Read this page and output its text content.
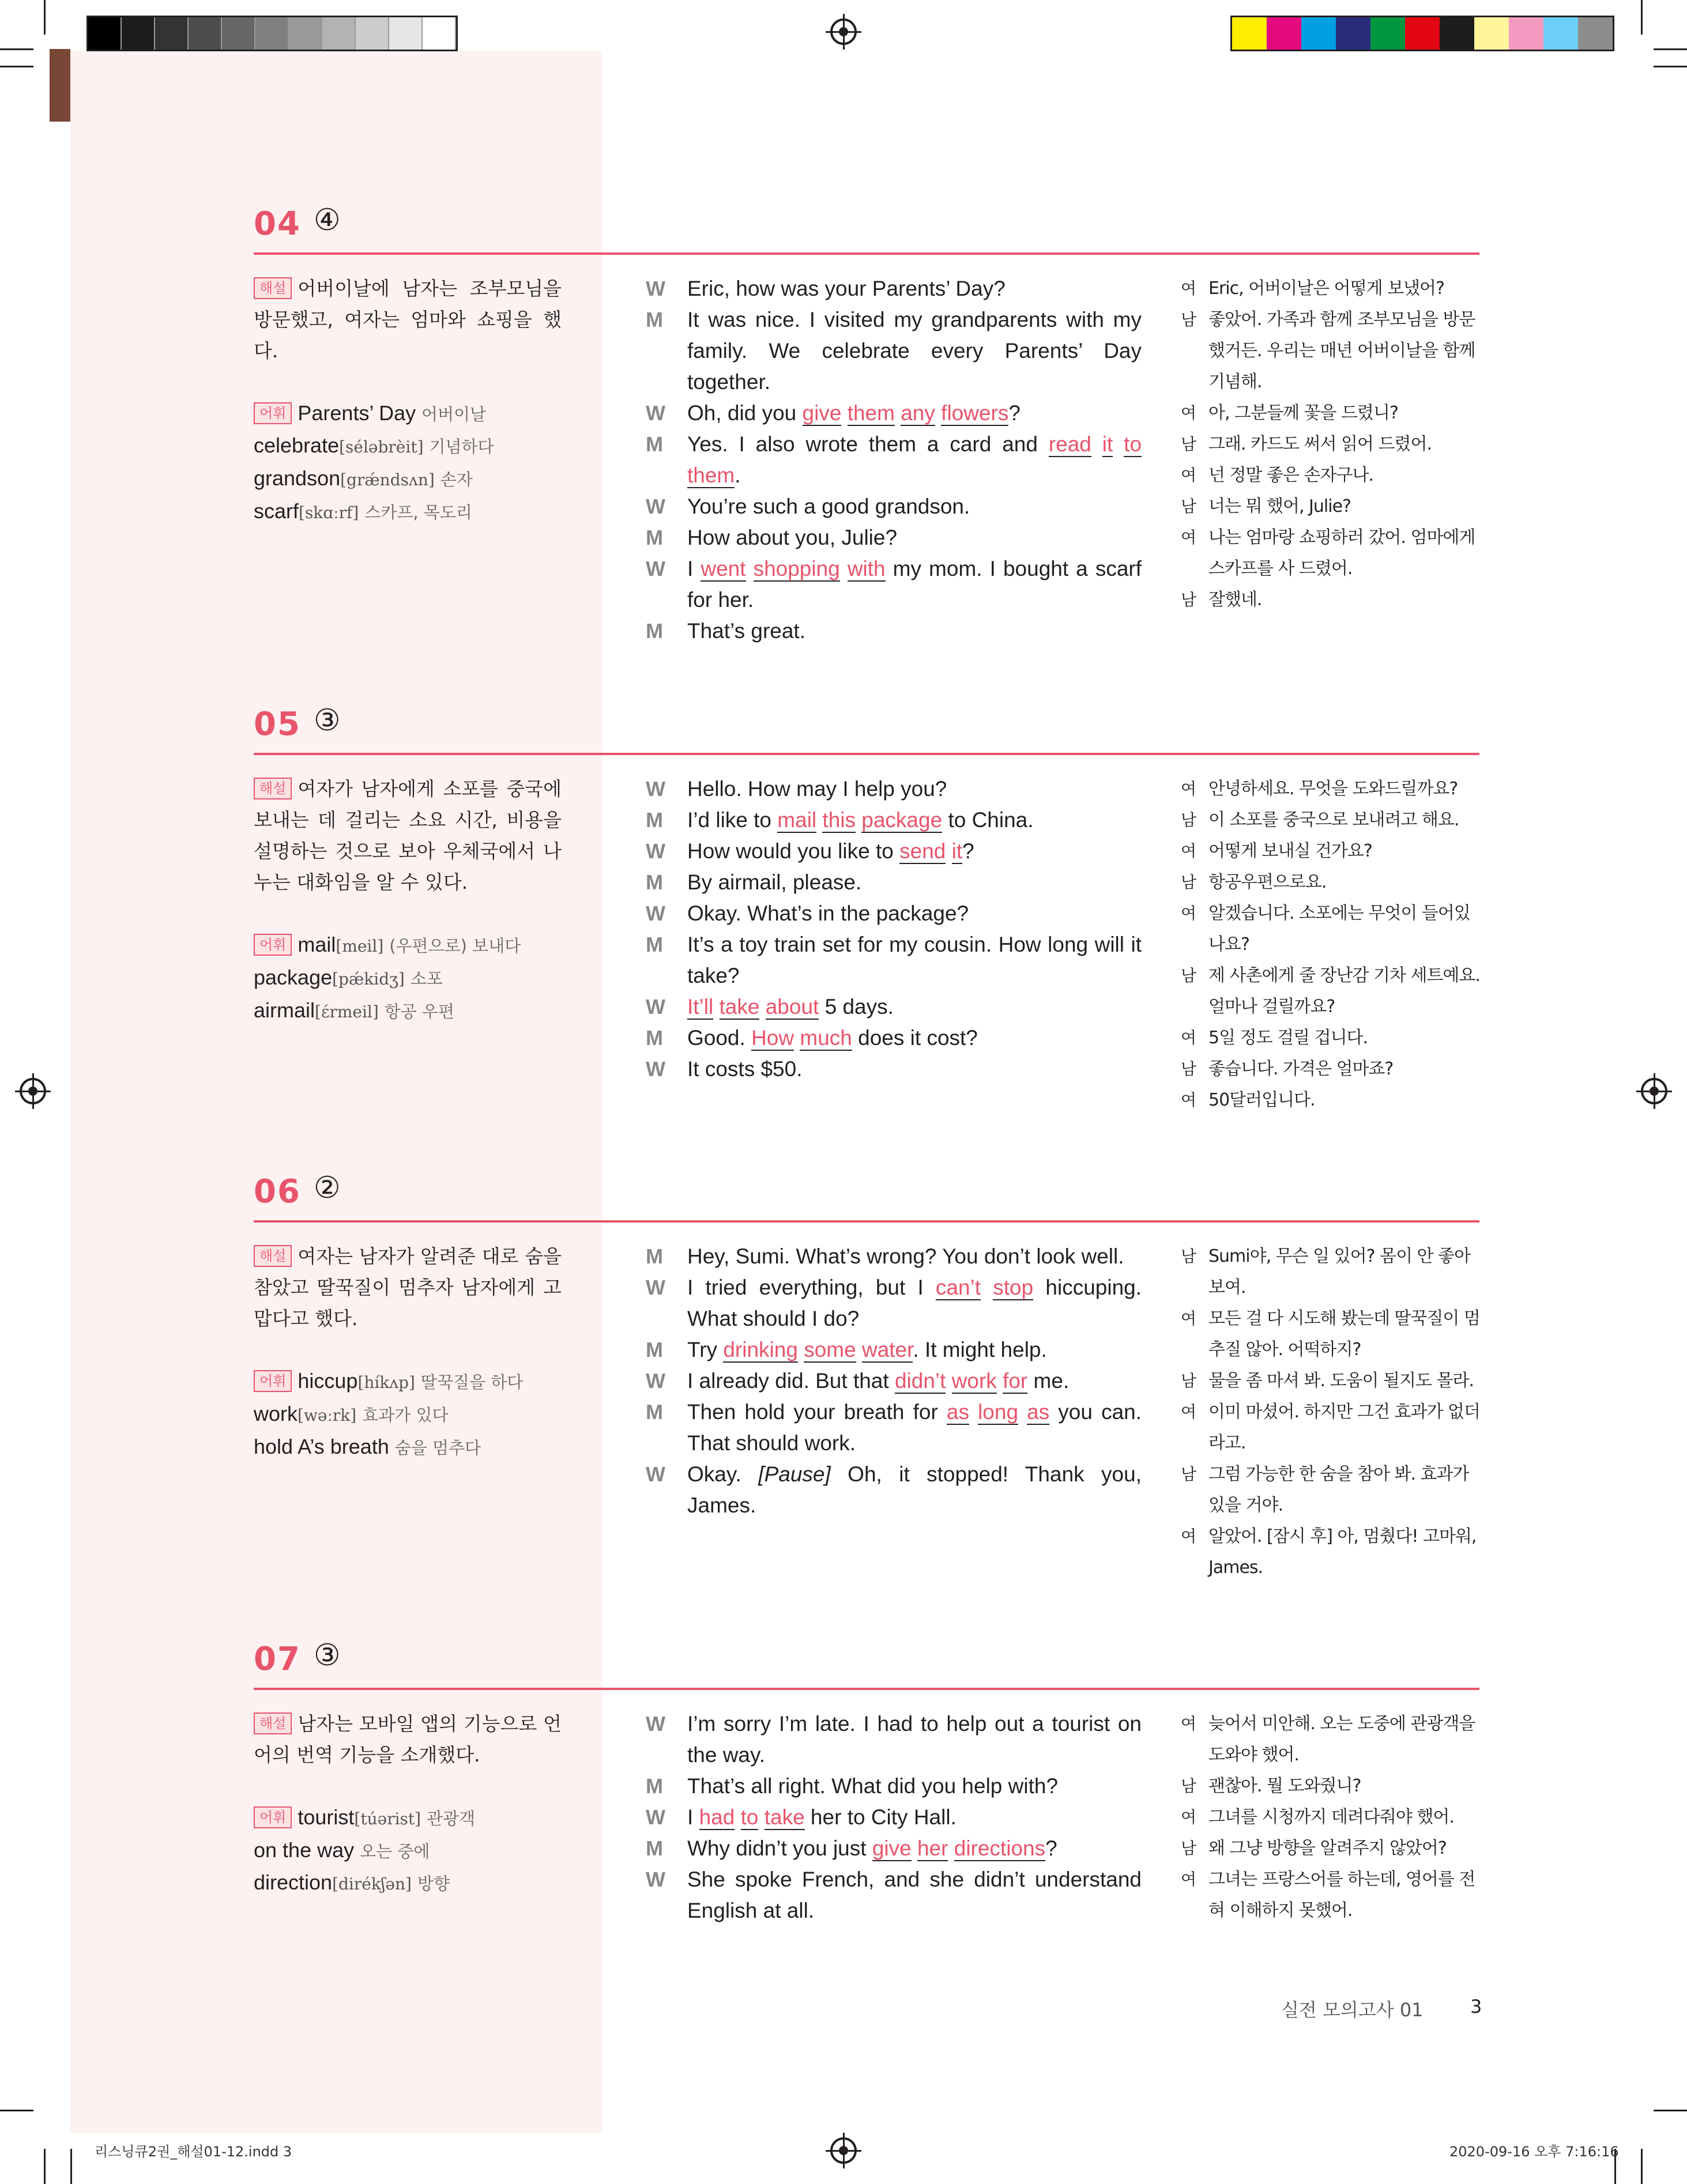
04 ④
해설 어버이날에 남자는 조부모님을 방문했고, 여자는 엄마와 쇼핑을 했다.
어휘 Parents’ Day 어버이날
celebrate[séləbrèit] 기념하다
grandson[grǽndsʌn] 손자
scarf[skɑːrf] 스카프, 목도리
W Eric, how was your Parents’ Day?
M It was nice. I visited my grandparents with my family. We celebrate every Parents’ Day together.
W Oh, did you give them any flowers?
M Yes. I also wrote them a card and read it to them.
W You’re such a good grandson.
M How about you, Julie?
W I went shopping with my mom. I bought a scarf for her.
M That’s great.
여 Eric, 어버이날은 어떻게 보냈어?
남 좋았어. 가족과 함께 조부모님을 방문했거든. 우리는 매년 어버이날을 함께 기념해.
여 아, 그분들께 꽃을 드렸니?
남 그래. 카드도 써서 읽어 드렸어.
여 넌 정말 좋은 손자구나.
남 너는 뭐 했어, Julie?
여 나는 엄마랑 쇼핑하러 갔어. 엄마에게 스카프를 사 드렸어.
남 잘했네.
05 ③
해설 여자가 남자에게 소포를 중국에 보내는 데 걸리는 소요 시간, 비용을 설명하는 것으로 보아 우체국에서 나누는 대화임을 알 수 있다.
어휘 mail[meil] (우편으로) 보내다
package[pǽkidʒ] 소포
airmail[έrmeil] 항공 우편
W Hello. How may I help you?
M I’d like to mail this package to China.
W How would you like to send it?
M By airmail, please.
W Okay. What’s in the package?
M It’s a toy train set for my cousin. How long will it take?
W It’ll take about 5 days.
M Good. How much does it cost?
W It costs $50.
여 안녕하세요. 무엇을 도와드릴까요?
남 이 소포를 중국으로 보내려고 해요.
여 어떻게 보내실 건가요?
남 항공우편으로요.
여 알겠습니다. 소포에는 무엇이 들어있나요?
남 제 사촌에게 줄 장난감 기차 세트예요. 얼마나 걸릴까요?
여 5일 정도 걸릴 겁니다.
남 좋습니다. 가격은 얼마죠?
여 50달러입니다.
06 ②
해설 여자는 남자가 알려준 대로 숨을 참았고 딸꾹질이 멈추자 남자에게 고맙다고 했다.
어휘 hiccup[híkʌp] 딸꾹질을 하다
work[wəːrk] 효과가 있다
hold A’s breath 숨을 멈추다
M Hey, Sumi. What’s wrong? You don’t look well.
W I tried everything, but I can’t stop hiccuping. What should I do?
M Try drinking some water. It might help.
W I already did. But that didn’t work for me.
M Then hold your breath for as long as you can. That should work.
W Okay. [Pause] Oh, it stopped! Thank you, James.
남 Sumi야, 무슨 일 있어? 몸이 안 좋아 보여.
여 모든 걸 다 시도해 봤는데 딸꾹질이 멈추질 않아. 어떡하지?
남 물을 좀 마셔 봐. 도움이 될지도 몰라.
여 이미 마셨어. 하지만 그건 효과가 없더라고.
남 그럼 가능한 한 숨을 참아 봐. 효과가 있을 거야.
여 알았어. [잠시 후] 아, 멈췄다! 고마워, James.
07 ③
해설 남자는 모바일 앱의 기능으로 언어의 번역 기능을 소개했다.
어휘 tourist[túərist] 관광객
on the way 오는 중에
direction[dirékʃən] 방향
W I’m sorry I’m late. I had to help out a tourist on the way.
M That’s all right. What did you help with?
W I had to take her to City Hall.
M Why didn’t you just give her directions?
W She spoke French, and she didn’t understand English at all.
여 늦어서 미안해. 오는 도중에 관광객을 도와야 했어.
남 괜찮아. 뭘 도와줬니?
여 그녀를 시청까지 데려다줘야 했어.
남 왜 그냥 방향을 알려주지 않았어?
여 그녀는 프랑스어를 하는데, 영어를 전혀 이해하지 못했어.
실전 모의고사 01	3
리스닝큐2권_해설01-12.indd 3	2020-09-16 오후 7:16:16
